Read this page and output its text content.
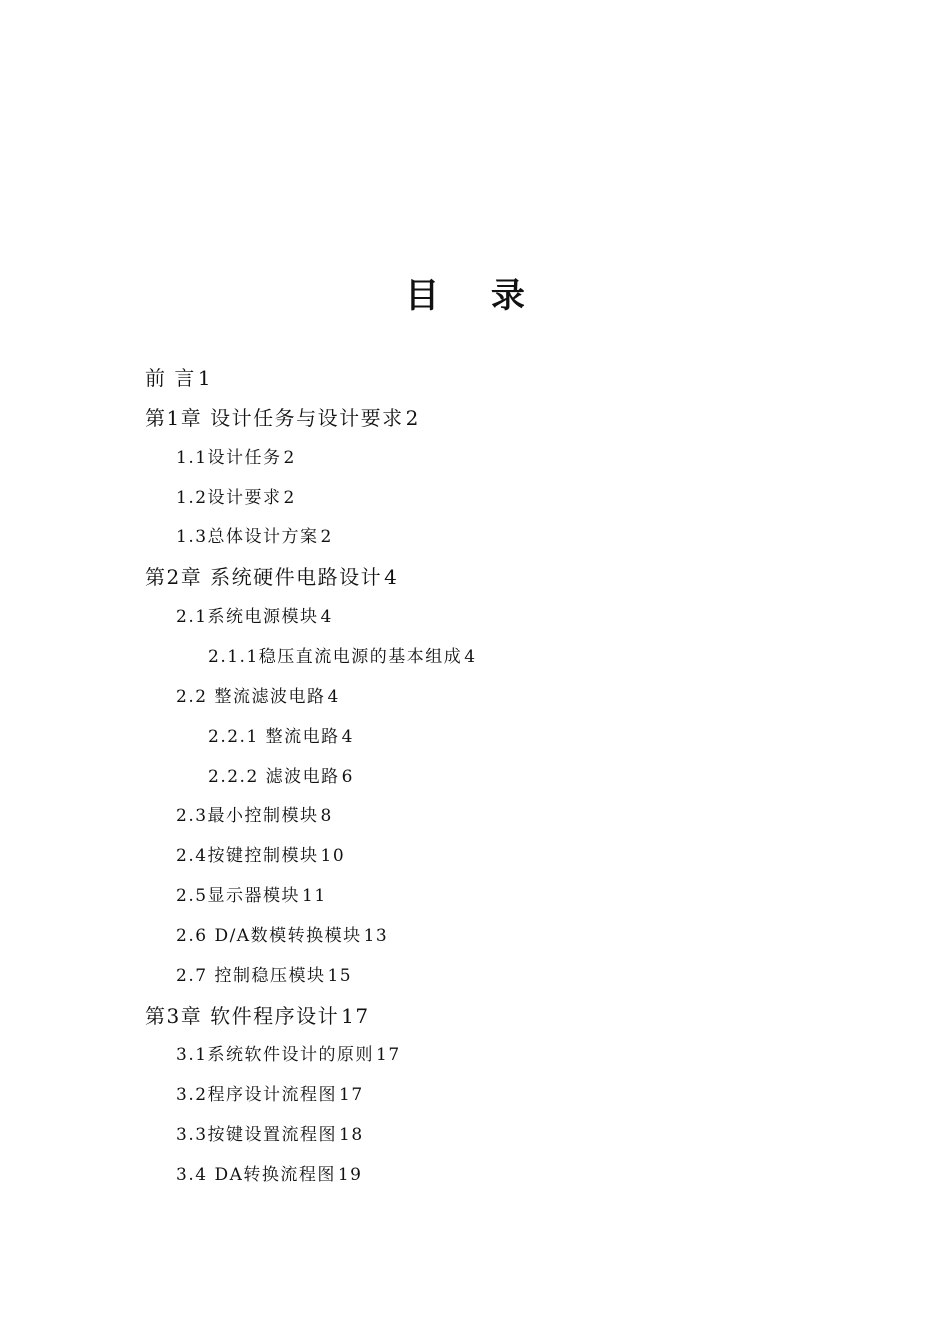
目 录
前 言 1
第1章 设计任务与设计要求 2
1.1设计任务 2
1.2设计要求 2
1.3总体设计方案 2
第2章 系统硬件电路设计 4
2.1系统电源模块 4
2.1.1稳压直流电源的基本组成 4
2.2 整流滤波电路 4
2.2.1 整流电路 4
2.2.2 滤波电路 6
2.3最小控制模块 8
2.4按键控制模块 10
2.5显示器模块 11
2.6 D/A数模转换模块 13
2.7 控制稳压模块 15
第3章 软件程序设计 17
3.1系统软件设计的原则 17
3.2程序设计流程图 17
3.3按键设置流程图 18
3.4 DA转换流程图 19
